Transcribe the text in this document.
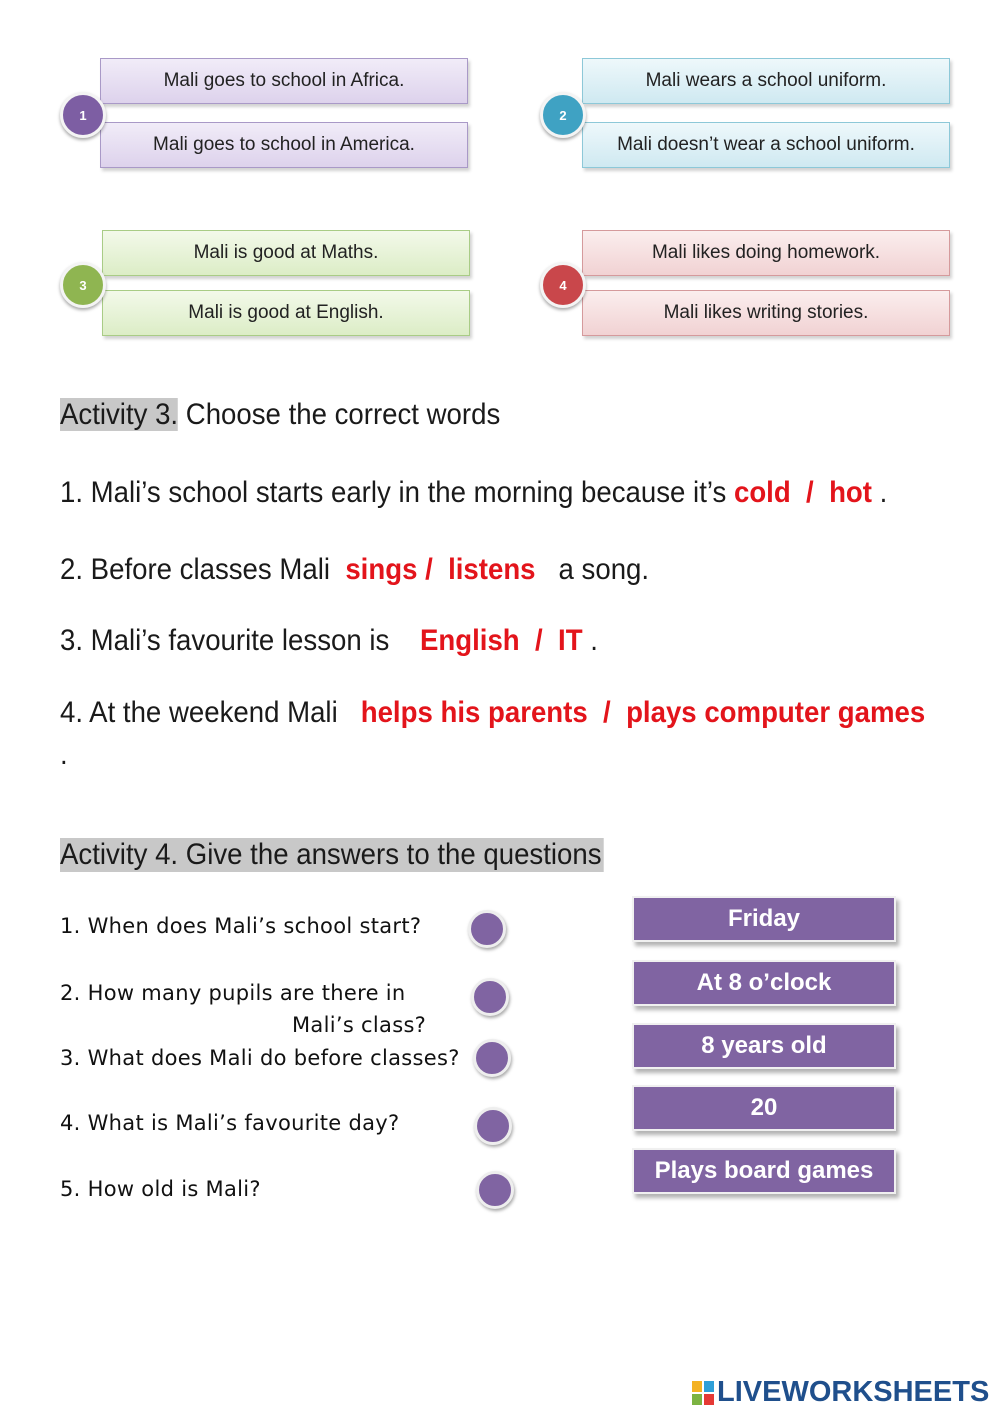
Mali goes to school in Africa.
Mali goes to school in America.
1
Mali wears a school uniform.
Mali doesn’t wear a school uniform.
2
Mali is good at Maths.
Mali is good at English.
3
Mali likes doing homework.
Mali likes writing stories.
4
Activity 3. Choose the correct words
1. Mali’s school starts early in the morning because it’s cold  /  hot .
2. Before classes Mali  sings /  listens   a song.
3. Mali’s favourite lesson is    English  /  IT .
4. At the weekend Mali   helps his parents  /  plays computer games
.
Activity 4. Give the answers to the questions
1. When does Mali’s school start?
2. How many pupils are there in
Mali’s class?
3. What does Mali do before classes?
4. What is Mali’s favourite day?
5. How old is Mali?
Friday
At 8 o’clock
8 years old
20
Plays board games
LIVEWORKSHEETS
